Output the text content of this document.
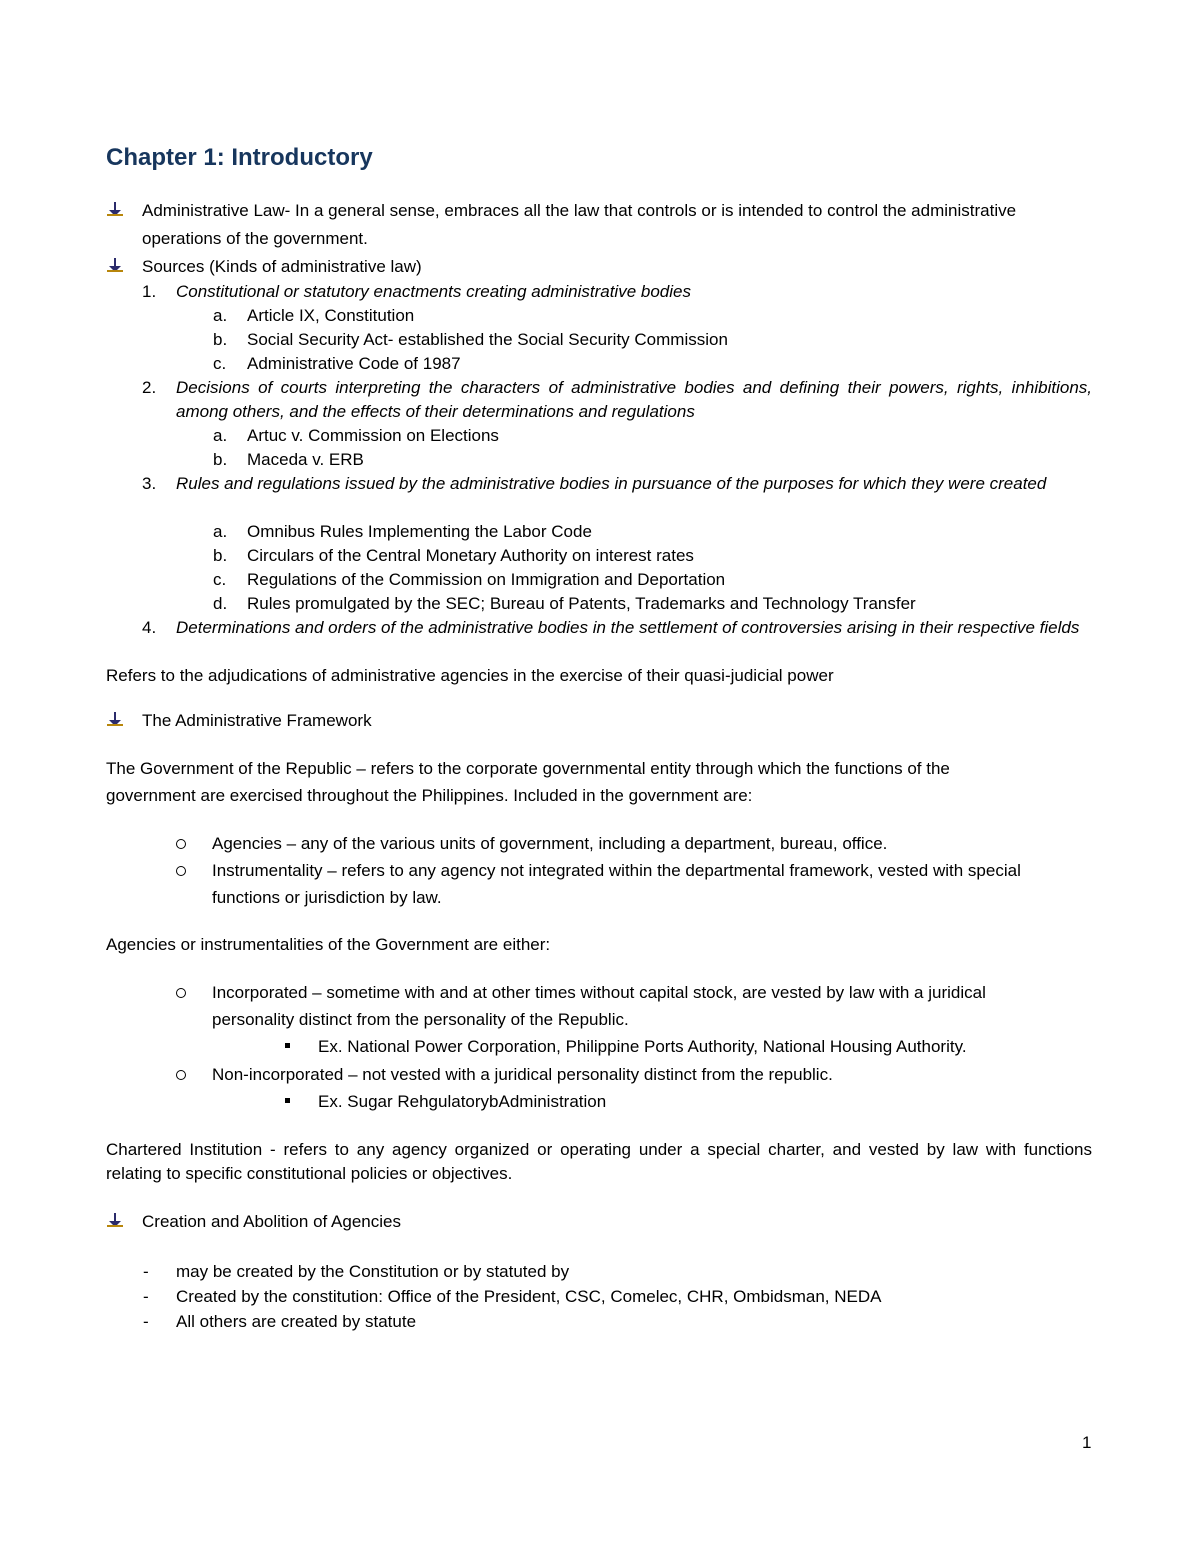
Chapter 1: Introductory
Administrative Law- In a general sense, embraces all the law that controls or is intended to control the administrative
operations of the government.
Sources (Kinds of administrative law)
1. Constitutional or statutory enactments creating administrative bodies
a. Article IX, Constitution
b. Social Security Act- established the Social Security Commission
c. Administrative Code of 1987
2. Decisions of courts interpreting the characters of administrative bodies and defining their powers, rights, inhibitions, among others, and the effects of their determinations and regulations
a. Artuc v. Commission on Elections
b. Maceda v. ERB
3. Rules and regulations issued by the administrative bodies in pursuance of the purposes for which they were created
a. Omnibus Rules Implementing the Labor Code
b. Circulars of the Central Monetary Authority on interest rates
c. Regulations of the Commission on Immigration and Deportation
d. Rules promulgated by the SEC; Bureau of Patents, Trademarks and Technology Transfer
4. Determinations and orders of the administrative bodies in the settlement of controversies arising in their respective fields
Refers to the adjudications of administrative agencies in the exercise of their quasi-judicial power
The Administrative Framework
The Government of the Republic – refers to the corporate governmental entity through which the functions of the
government are exercised throughout the Philippines. Included in the government are:
Agencies – any of the various units of government, including a department, bureau, office.
Instrumentality – refers to any agency not integrated within the departmental framework, vested with special
functions or jurisdiction by law.
Agencies or instrumentalities of the Government are either:
Incorporated – sometime with and at other times without capital stock, are vested by law with a juridical
personality distinct from the personality of the Republic.
Ex. National Power Corporation, Philippine Ports Authority, National Housing Authority.
Non-incorporated – not vested with a juridical personality distinct from the republic.
Ex. Sugar RehgulatorybAdministration
Chartered Institution - refers to any agency organized or operating under a special charter, and vested by law with functions relating to specific constitutional policies or objectives.
Creation and Abolition of Agencies
- may be created by the Constitution or by statuted by
- Created by the constitution: Office of the President, CSC, Comelec, CHR, Ombidsman, NEDA
- All others are created by statute
1
